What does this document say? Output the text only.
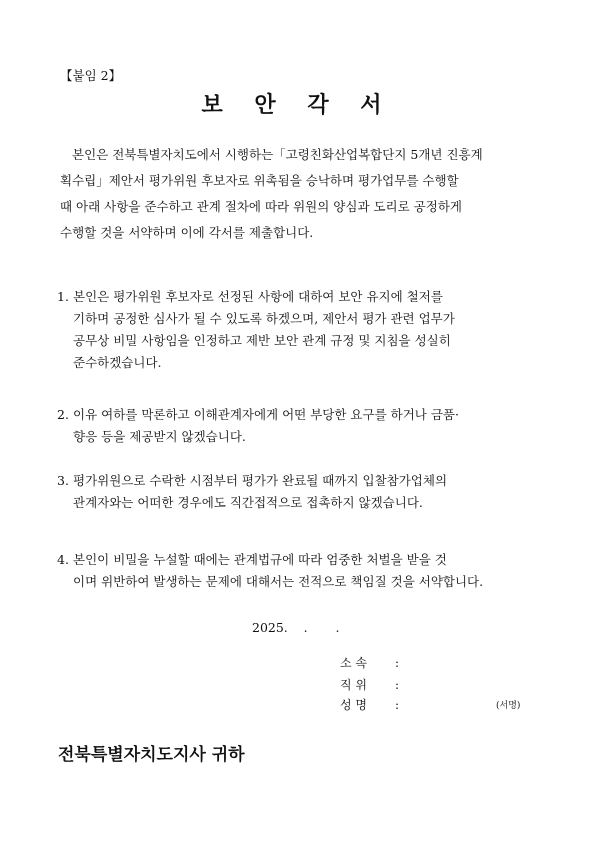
【붙임 2】
보 안 각 서
본인은 전북특별자치도에서 시행하는「고령친화산업복합단지 5개년 진흥계
획수립」제안서 평가위원 후보자로 위촉됨을 승낙하며 평가업무를 수행할
때 아래 사항을 준수하고 관계 절차에 따라 위원의 양심과 도리로 공정하게
수행할 것을 서약하며 이에 각서를 제출합니다.
1. 본인은 평가위원 후보자로 선정된 사항에 대하여 보안 유지에 철저를
기하며 공정한 심사가 될 수 있도록 하겠으며, 제안서 평가 관련 업무가
공무상 비밀 사항임을 인정하고 제반 보안 관계 규정 및 지침을 성실히
준수하겠습니다.
2. 이유 여하를 막론하고 이해관계자에게 어떤 부당한 요구를 하거나 금품·
향응 등을 제공받지 않겠습니다.
3. 평가위원으로 수락한 시점부터 평가가 완료될 때까지 입찰참가업체의
관계자와는 어떠한 경우에도 직간접적으로 접촉하지 않겠습니다.
4. 본인이 비밀을 누설할 때에는 관계법규에 따라 엄중한 처벌을 받을 것
이며 위반하여 발생하는 문제에 대해서는 전적으로 책임질 것을 서약합니다.
2025.    .       .
소 속 :
직 위 :
성 명 :	(서명)
전북특별자치도지사 귀하
